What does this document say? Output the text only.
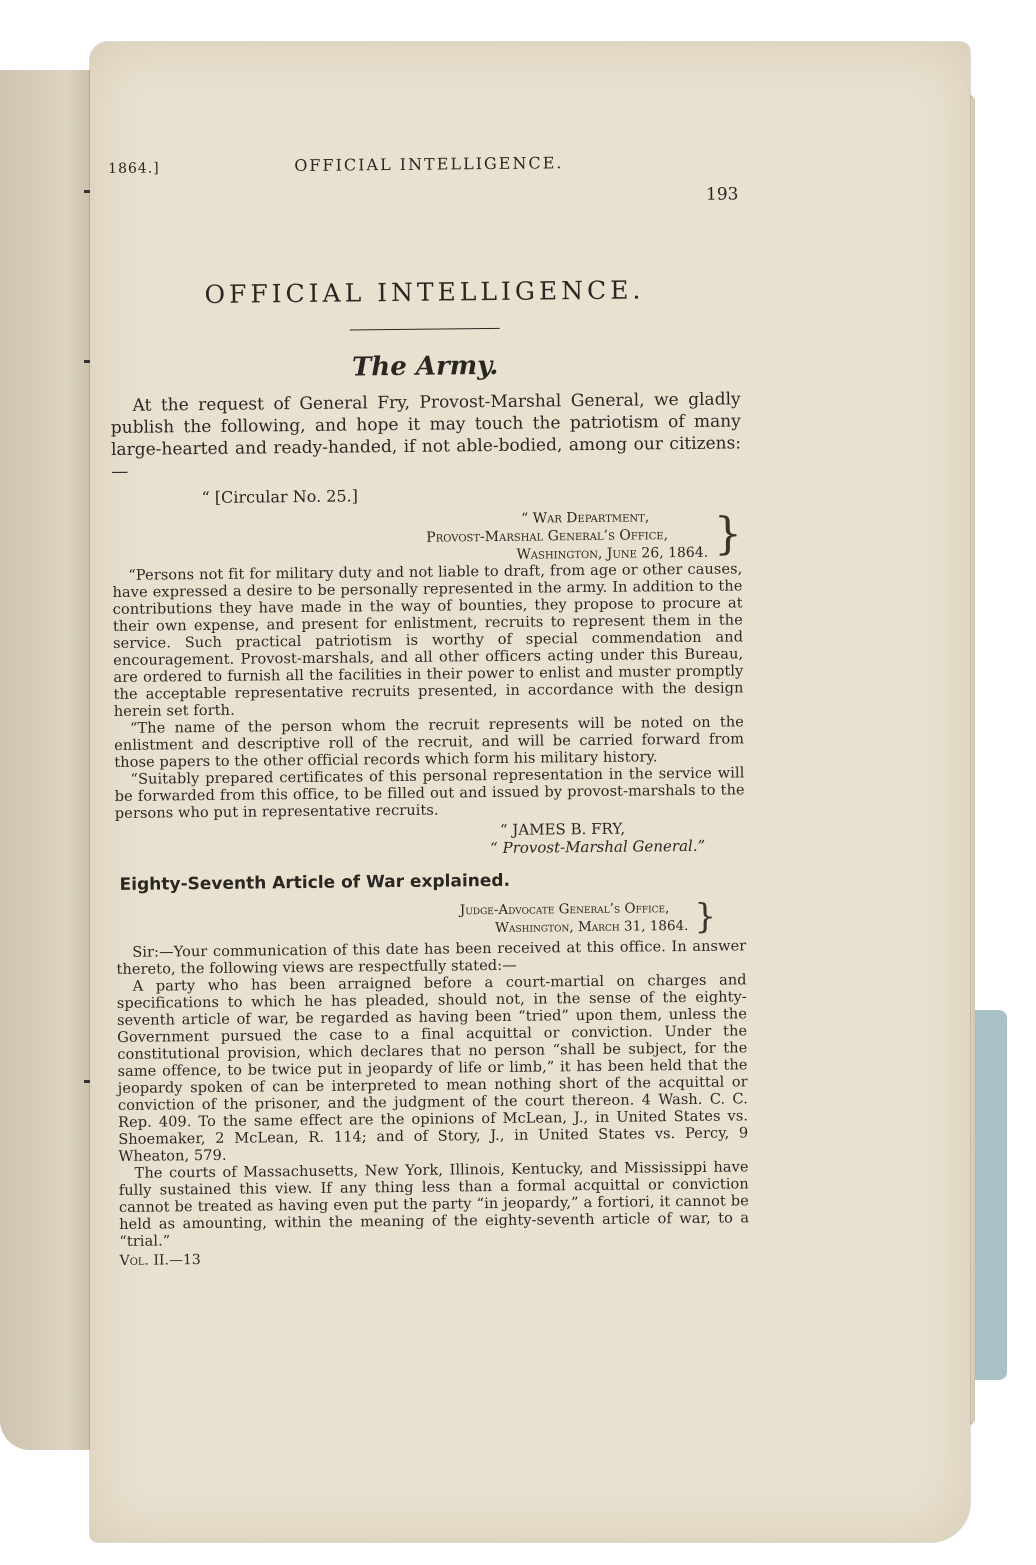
1864.]	OFFICIAL INTELLIGENCE.
193
OFFICIAL INTELLIGENCE.
The Army.

At the request of General Fry, Provost-Marshal General, we gladly publish the following, and hope it may touch the patriotism of many large-hearted and ready-handed, if not able-bodied, among our citizens:—

“ [Circular No. 25.]
“ War Department,
Provost-Marshal General’s Office,
Washington, June 26, 1864. }

“Persons not fit for military duty and not liable to draft, from age or other causes, have expressed a desire to be personally represented in the army. In addition to the contributions they have made in the way of bounties, they propose to procure at their own expense, and present for enlistment, recruits to represent them in the service. Such practical patriotism is worthy of special commendation and encouragement. Provost-marshals, and all other officers acting under this Bureau, are ordered to furnish all the facilities in their power to enlist and muster promptly the acceptable representative recruits presented, in accordance with the design herein set forth.

“The name of the person whom the recruit represents will be noted on the enlistment and descriptive roll of the recruit, and will be carried forward from those papers to the other official records which form his military history.

“Suitably prepared certificates of this personal representation in the service will be forwarded from this office, to be filled out and issued by provost-marshals to the persons who put in representative recruits.

“ JAMES B. FRY,
“ Provost-Marshal General.”
Eighty-Seventh Article of War explained.
Judge-Advocate General’s Office,
Washington, March 31, 1864. }

Sir:—Your communication of this date has been received at this office. In answer thereto, the following views are respectfully stated:—

A party who has been arraigned before a court-martial on charges and specifications to which he has pleaded, should not, in the sense of the eighty-seventh article of war, be regarded as having been “tried” upon them, unless the Government pursued the case to a final acquittal or conviction. Under the constitutional provision, which declares that no person “shall be subject, for the same offence, to be twice put in jeopardy of life or limb,” it has been held that the jeopardy spoken of can be interpreted to mean nothing short of the acquittal or conviction of the prisoner, and the judgment of the court thereon. 4 Wash. C. C. Rep. 409. To the same effect are the opinions of McLean, J., in United States vs. Shoemaker, 2 McLean, R. 114; and of Story, J., in United States vs. Percy, 9 Wheaton, 579.

The courts of Massachusetts, New York, Illinois, Kentucky, and Mississippi have fully sustained this view. If any thing less than a formal acquittal or conviction cannot be treated as having even put the party “in jeopardy,” a fortiori, it cannot be held as amounting, within the meaning of the eighty-seventh article of war, to a “trial.”

Vol. II.—13
